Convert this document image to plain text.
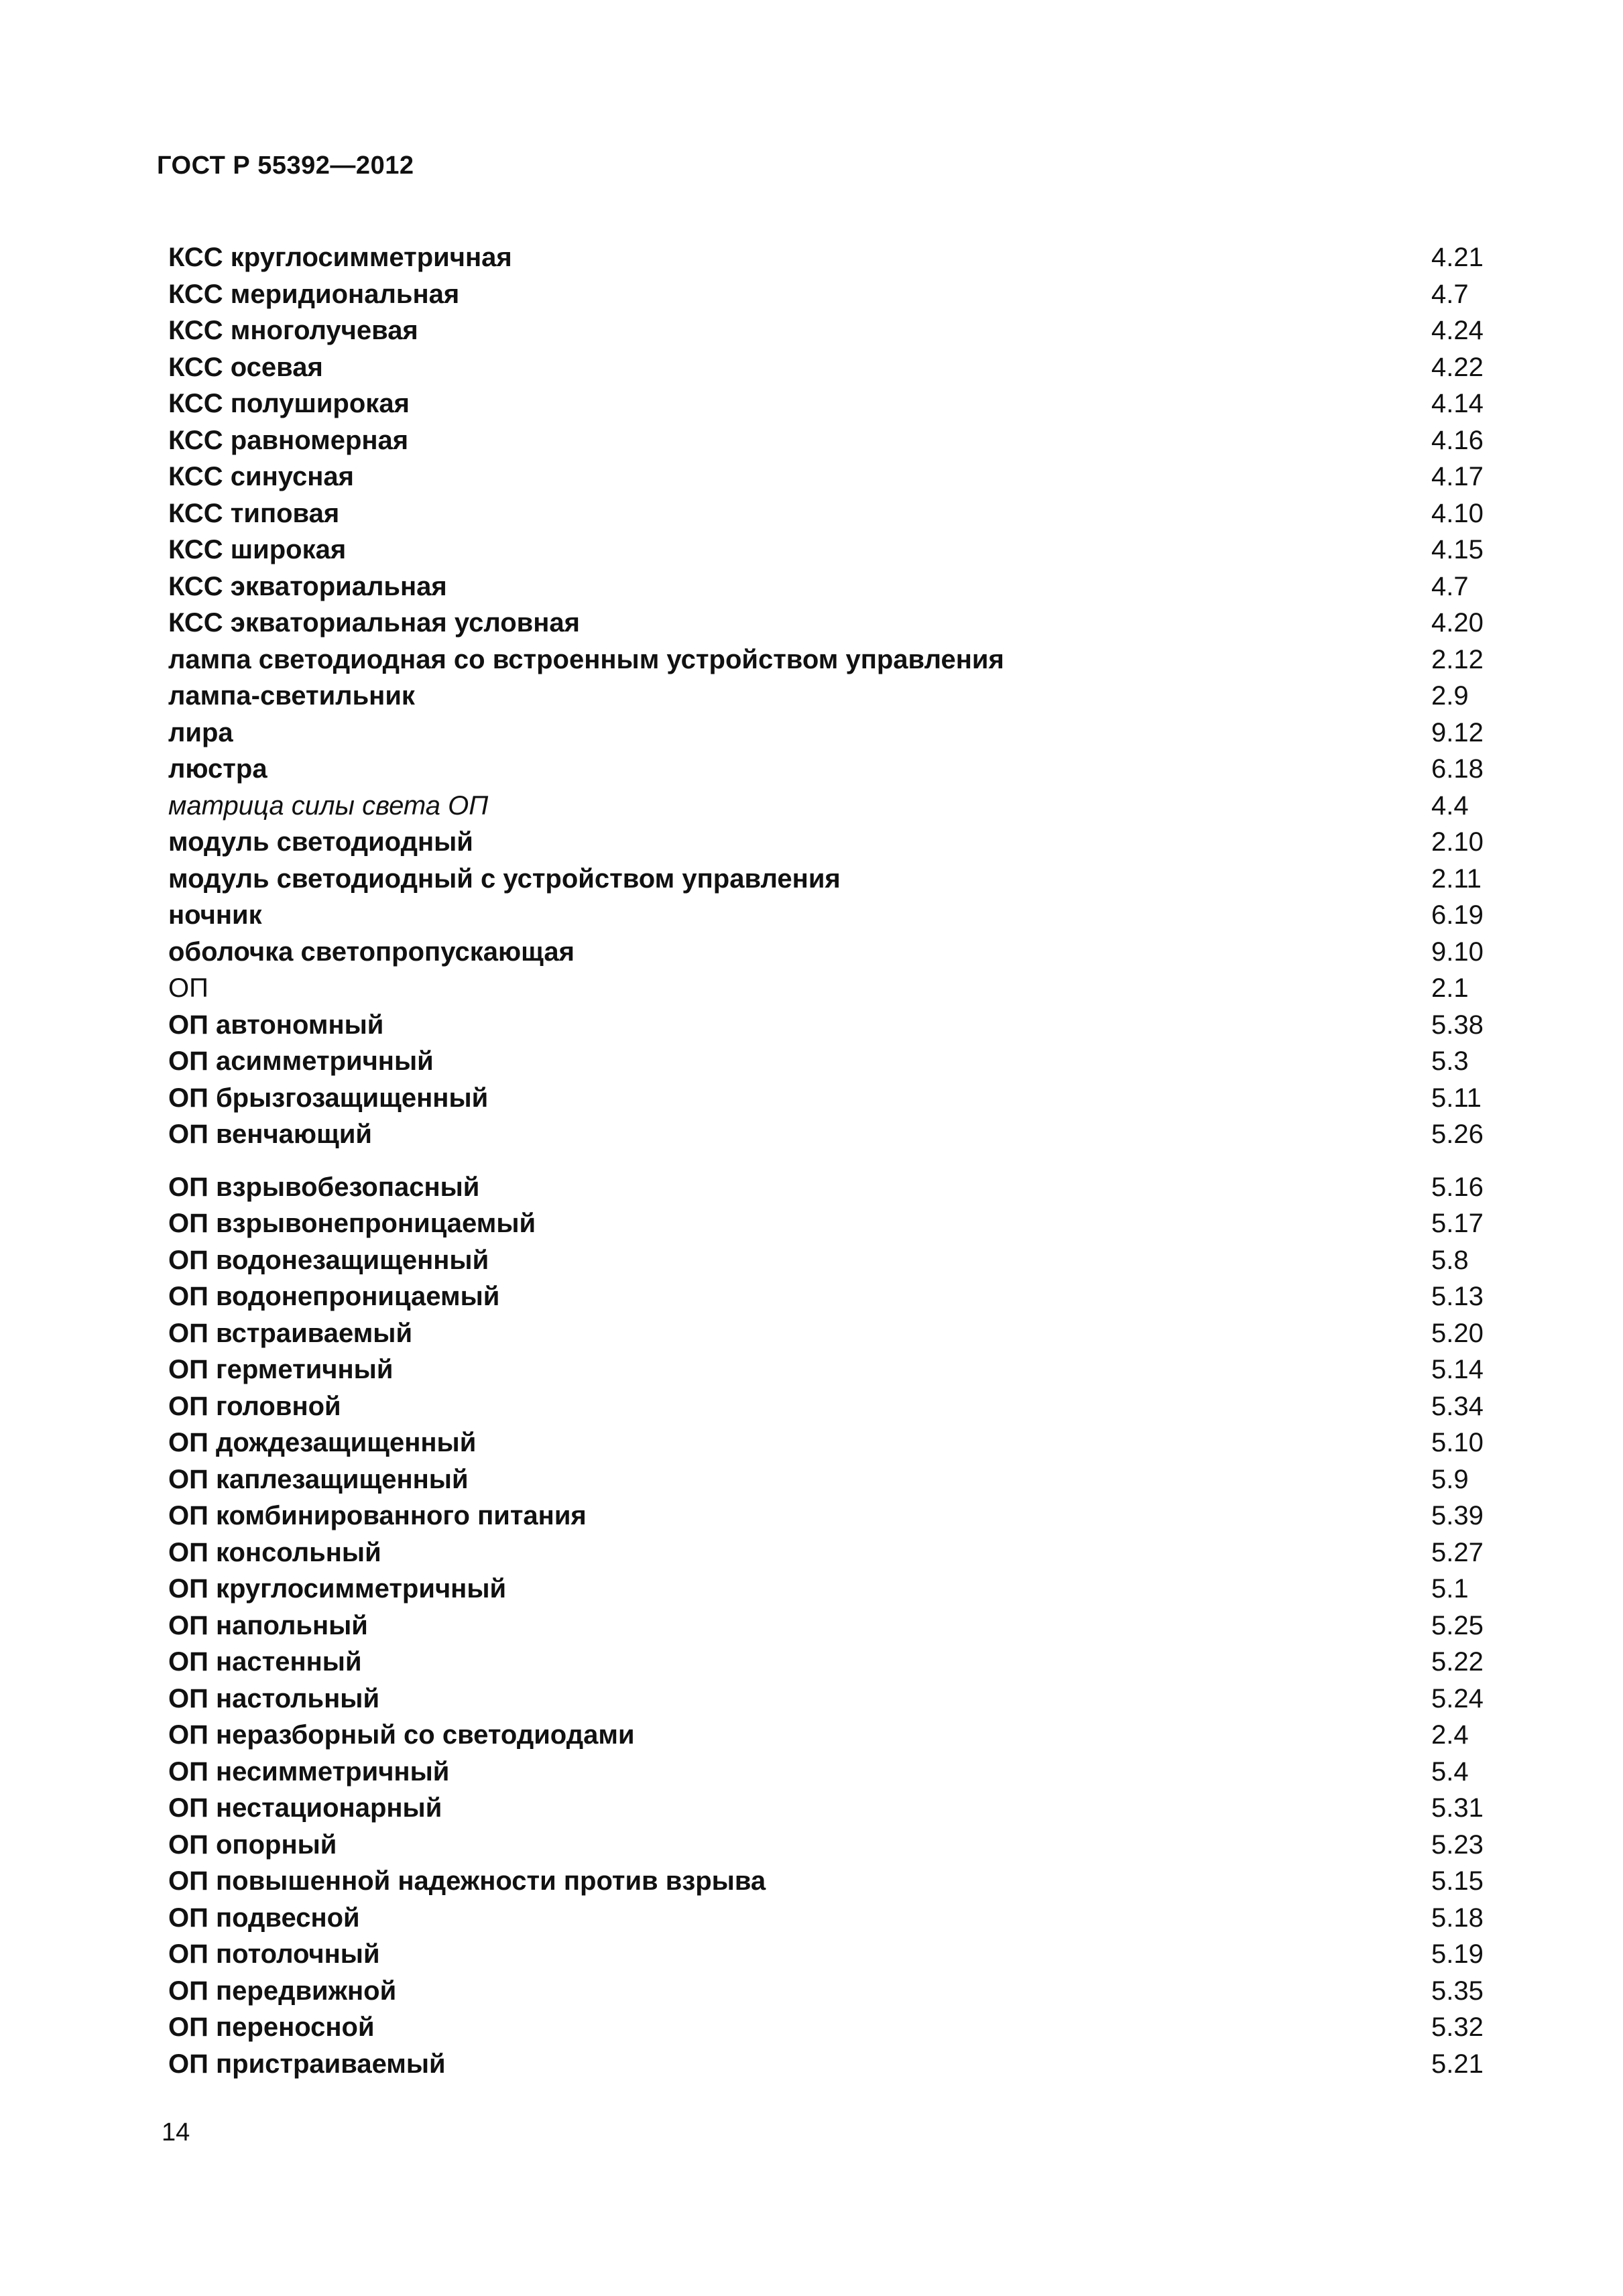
ГОСТ Р 55392—2012
КСС круглосимметричная	4.21
КСС меридиональная	4.7
КСС многолучевая	4.24
КСС осевая	4.22
КСС полуширокая	4.14
КСС равномерная	4.16
КСС синусная	4.17
КСС типовая	4.10
КСС широкая	4.15
КСС экваториальная	4.7
КСС экваториальная условная	4.20
лампа светодиодная со встроенным устройством управления	2.12
лампа-светильник	2.9
лира	9.12
люстра	6.18
матрица силы света ОП	4.4
модуль светодиодный	2.10
модуль светодиодный с устройством управления	2.11
ночник	6.19
оболочка светопропускающая	9.10
ОП	2.1
ОП автономный	5.38
ОП асимметричный	5.3
ОП брызгозащищенный	5.11
ОП венчающий	5.26
ОП взрывобезопасный	5.16
ОП взрывонепроницаемый	5.17
ОП водонезащищенный	5.8
ОП водонепроницаемый	5.13
ОП встраиваемый	5.20
ОП герметичный	5.14
ОП головной	5.34
ОП дождезащищенный	5.10
ОП каплезащищенный	5.9
ОП комбинированного питания	5.39
ОП консольный	5.27
ОП круглосимметричный	5.1
ОП напольный	5.25
ОП настенный	5.22
ОП настольный	5.24
ОП неразборный со светодиодами	2.4
ОП несимметричный	5.4
ОП нестационарный	5.31
ОП опорный	5.23
ОП повышенной надежности против взрыва	5.15
ОП подвесной	5.18
ОП потолочный	5.19
ОП передвижной	5.35
ОП переносной	5.32
ОП пристраиваемый	5.21
14
